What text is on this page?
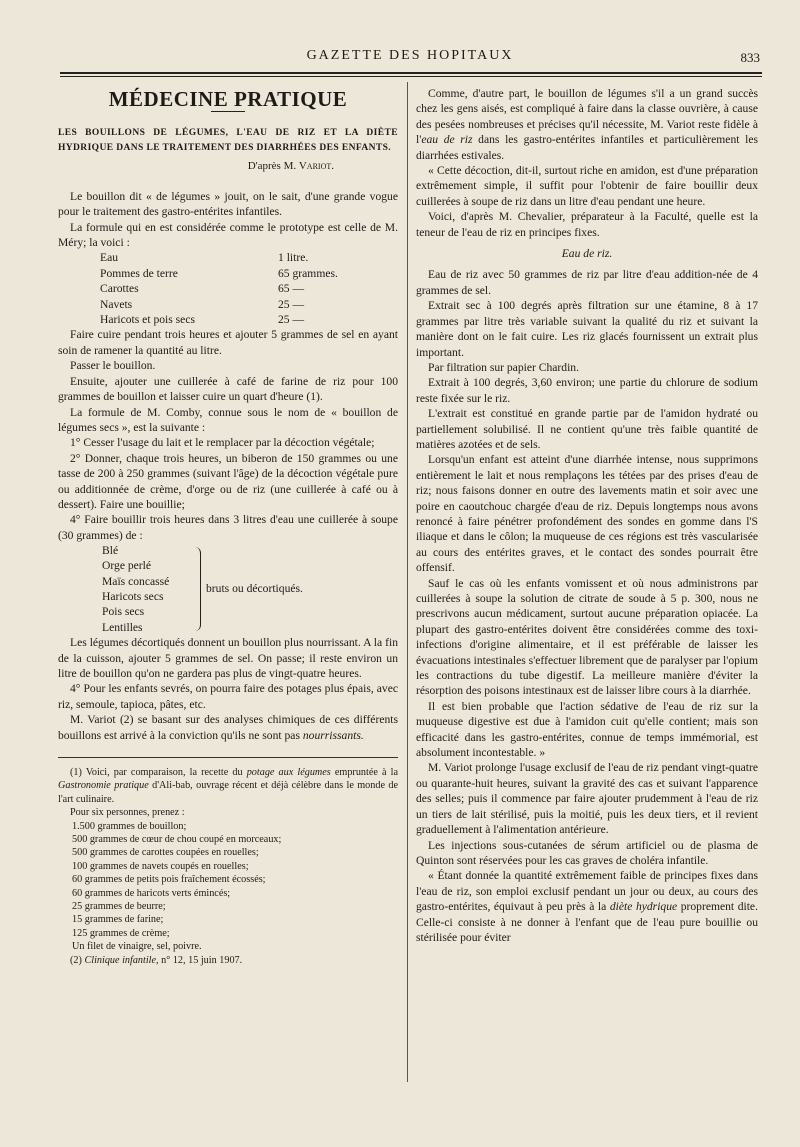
GAZETTE DES HOPITAUX	833
MÉDECINE PRATIQUE

LES BOUILLONS DE LÉGUMES, L'EAU DE RIZ ET LA DIÈTE HYDRIQUE DANS LE TRAITEMENT DES DIARRHÉES DES ENFANTS.

D'après M. Variot.

Le bouillon dit « de légumes » jouit, on le sait, d'une grande vogue pour le traitement des gastro-entérites infantiles.

La formule qui en est considérée comme le prototype est celle de M. Méry; la voici :

Eau	1 litre.
Pommes de terre	65 grammes.
Carottes	65 —
Navets	25 —
Haricots et pois secs	25 —

Faire cuire pendant trois heures et ajouter 5 grammes de sel en ayant soin de ramener la quantité au litre.

Passer le bouillon.

Ensuite, ajouter une cuillerée à café de farine de riz pour 100 grammes de bouillon et laisser cuire un quart d'heure (1).

La formule de M. Comby, connue sous le nom de « bouillon de légumes secs », est la suivante :

1° Cesser l'usage du lait et le remplacer par la décoction végétale;

2° Donner, chaque trois heures, un biberon de 150 grammes ou une tasse de 200 à 250 grammes (suivant l'âge) de la décoction végétale pure ou additionnée de crème, d'orge ou de riz (une cuillerée à café ou à dessert). Faire une bouillie;

4° Faire bouillir trois heures dans 3 litres d'eau une cuillerée à soupe (30 grammes) de :

Blé
Orge perlé
Maïs concassé
Haricots secs
Pois secs
Lentilles
bruts ou décortiqués.

Les légumes décortiqués donnent un bouillon plus nourrissant. A la fin de la cuisson, ajouter 5 grammes de sel. On passe; il reste environ un litre de bouillon qu'on ne gardera pas plus de vingt-quatre heures.

4° Pour les enfants sevrés, on pourra faire des potages plus épais, avec riz, semoule, tapioca, pâtes, etc.

M. Variot (2) se basant sur des analyses chimiques de ces différents bouillons est arrivé à la conviction qu'ils ne sont pas nourrissants.

(1) Voici, par comparaison, la recette du potage aux légumes empruntée à la Gastronomie pratique d'Ali-bab, ouvrage récent et déjà célèbre dans le monde de l'art culinaire.

Pour six personnes, prenez :

1.500 grammes de bouillon;
500 grammes de cœur de chou coupé en morceaux;
500 grammes de carottes coupées en rouelles;
100 grammes de navets coupés en rouelles;
60 grammes de petits pois fraîchement écossés;
60 grammes de haricots verts émincés;
25 grammes de beurre;
15 grammes de farine;
125 grammes de crème;
Un filet de vinaigre, sel, poivre.

(2) Clinique infantile, n° 12, 15 juin 1907.

Comme, d'autre part, le bouillon de légumes s'il a un grand succès chez les gens aisés, est compliqué à faire dans la classe ouvrière, à cause des pesées nombreuses et précises qu'il nécessite, M. Variot reste fidèle à l'eau de riz dans les gastro-entérites infantiles et particulièrement les diarrhées estivales.

« Cette décoction, dit-il, surtout riche en amidon, est d'une préparation extrêmement simple, il suffit pour l'obtenir de faire bouillir deux cuillerées à soupe de riz dans un litre d'eau pendant une heure.

Voici, d'après M. Chevalier, préparateur à la Faculté, quelle est la teneur de l'eau de riz en principes fixes.

Eau de riz.

Eau de riz avec 50 grammes de riz par litre d'eau addition-née de 4 grammes de sel.

Extrait sec à 100 degrés après filtration sur une étamine, 8 à 17 grammes par litre très variable suivant la qualité du riz et suivant la manière dont on le fait cuire. Les riz glacés fournissent un extrait plus important.

Par filtration sur papier Chardin.

Extrait à 100 degrés, 3,60 environ; une partie du chlorure de sodium reste fixée sur le riz.

L'extrait est constitué en grande partie par de l'amidon hydraté ou partiellement solubilisé. Il ne contient qu'une très faible quantité de matières azotées et de sels.

Lorsqu'un enfant est atteint d'une diarrhée intense, nous supprimons entièrement le lait et nous remplaçons les tétées par des prises d'eau de riz; nous faisons donner en outre des lavements matin et soir avec une poire en caoutchouc chargée d'eau de riz. Depuis longtemps nous avons renoncé à faire pénétrer profondément des sondes en gomme dans l'S iliaque et dans le côlon; la muqueuse de ces régions est très vascularisée au cours des entérites graves, et le contact des sondes pourrait être offensif.

Sauf le cas où les enfants vomissent et où nous administrons par cuillerées à soupe la solution de citrate de soude à 5 p. 300, nous ne prescrivons aucun médicament, surtout aucune préparation opiacée. La plupart des gastro-entérites doivent être considérées comme des toxi-infections d'origine alimentaire, et il est préférable de laisser les évacuations intestinales s'effectuer librement que de paralyser par l'opium les contractions du tube digestif. La meilleure manière d'éviter la résorption des poisons intestinaux est de laisser libre cours à la diarrhée.

Il est bien probable que l'action sédative de l'eau de riz sur la muqueuse digestive est due à l'amidon cuit qu'elle contient; mais son efficacité dans les gastro-entérites, connue de temps immémorial, est absolument incontestable. »

M. Variot prolonge l'usage exclusif de l'eau de riz pendant vingt-quatre ou quarante-huit heures, suivant la gravité des cas et suivant l'apparence des selles; puis il commence par faire ajouter prudemment à l'eau de riz un tiers de lait stérilisé, puis la moitié, puis les deux tiers, et il revient graduellement à l'alimentation antérieure.

Les injections sous-cutanées de sérum artificiel ou de plasma de Quinton sont réservées pour les cas graves de choléra infantile.

« Étant donnée la quantité extrêmement faible de principes fixes dans l'eau de riz, son emploi exclusif pendant un jour ou deux, au cours des gastro-entérites, équivaut à peu près à la diète hydrique proprement dite. Celle-ci consiste à ne donner à l'enfant que de l'eau pure bouillie ou stérilisée pour éviter
